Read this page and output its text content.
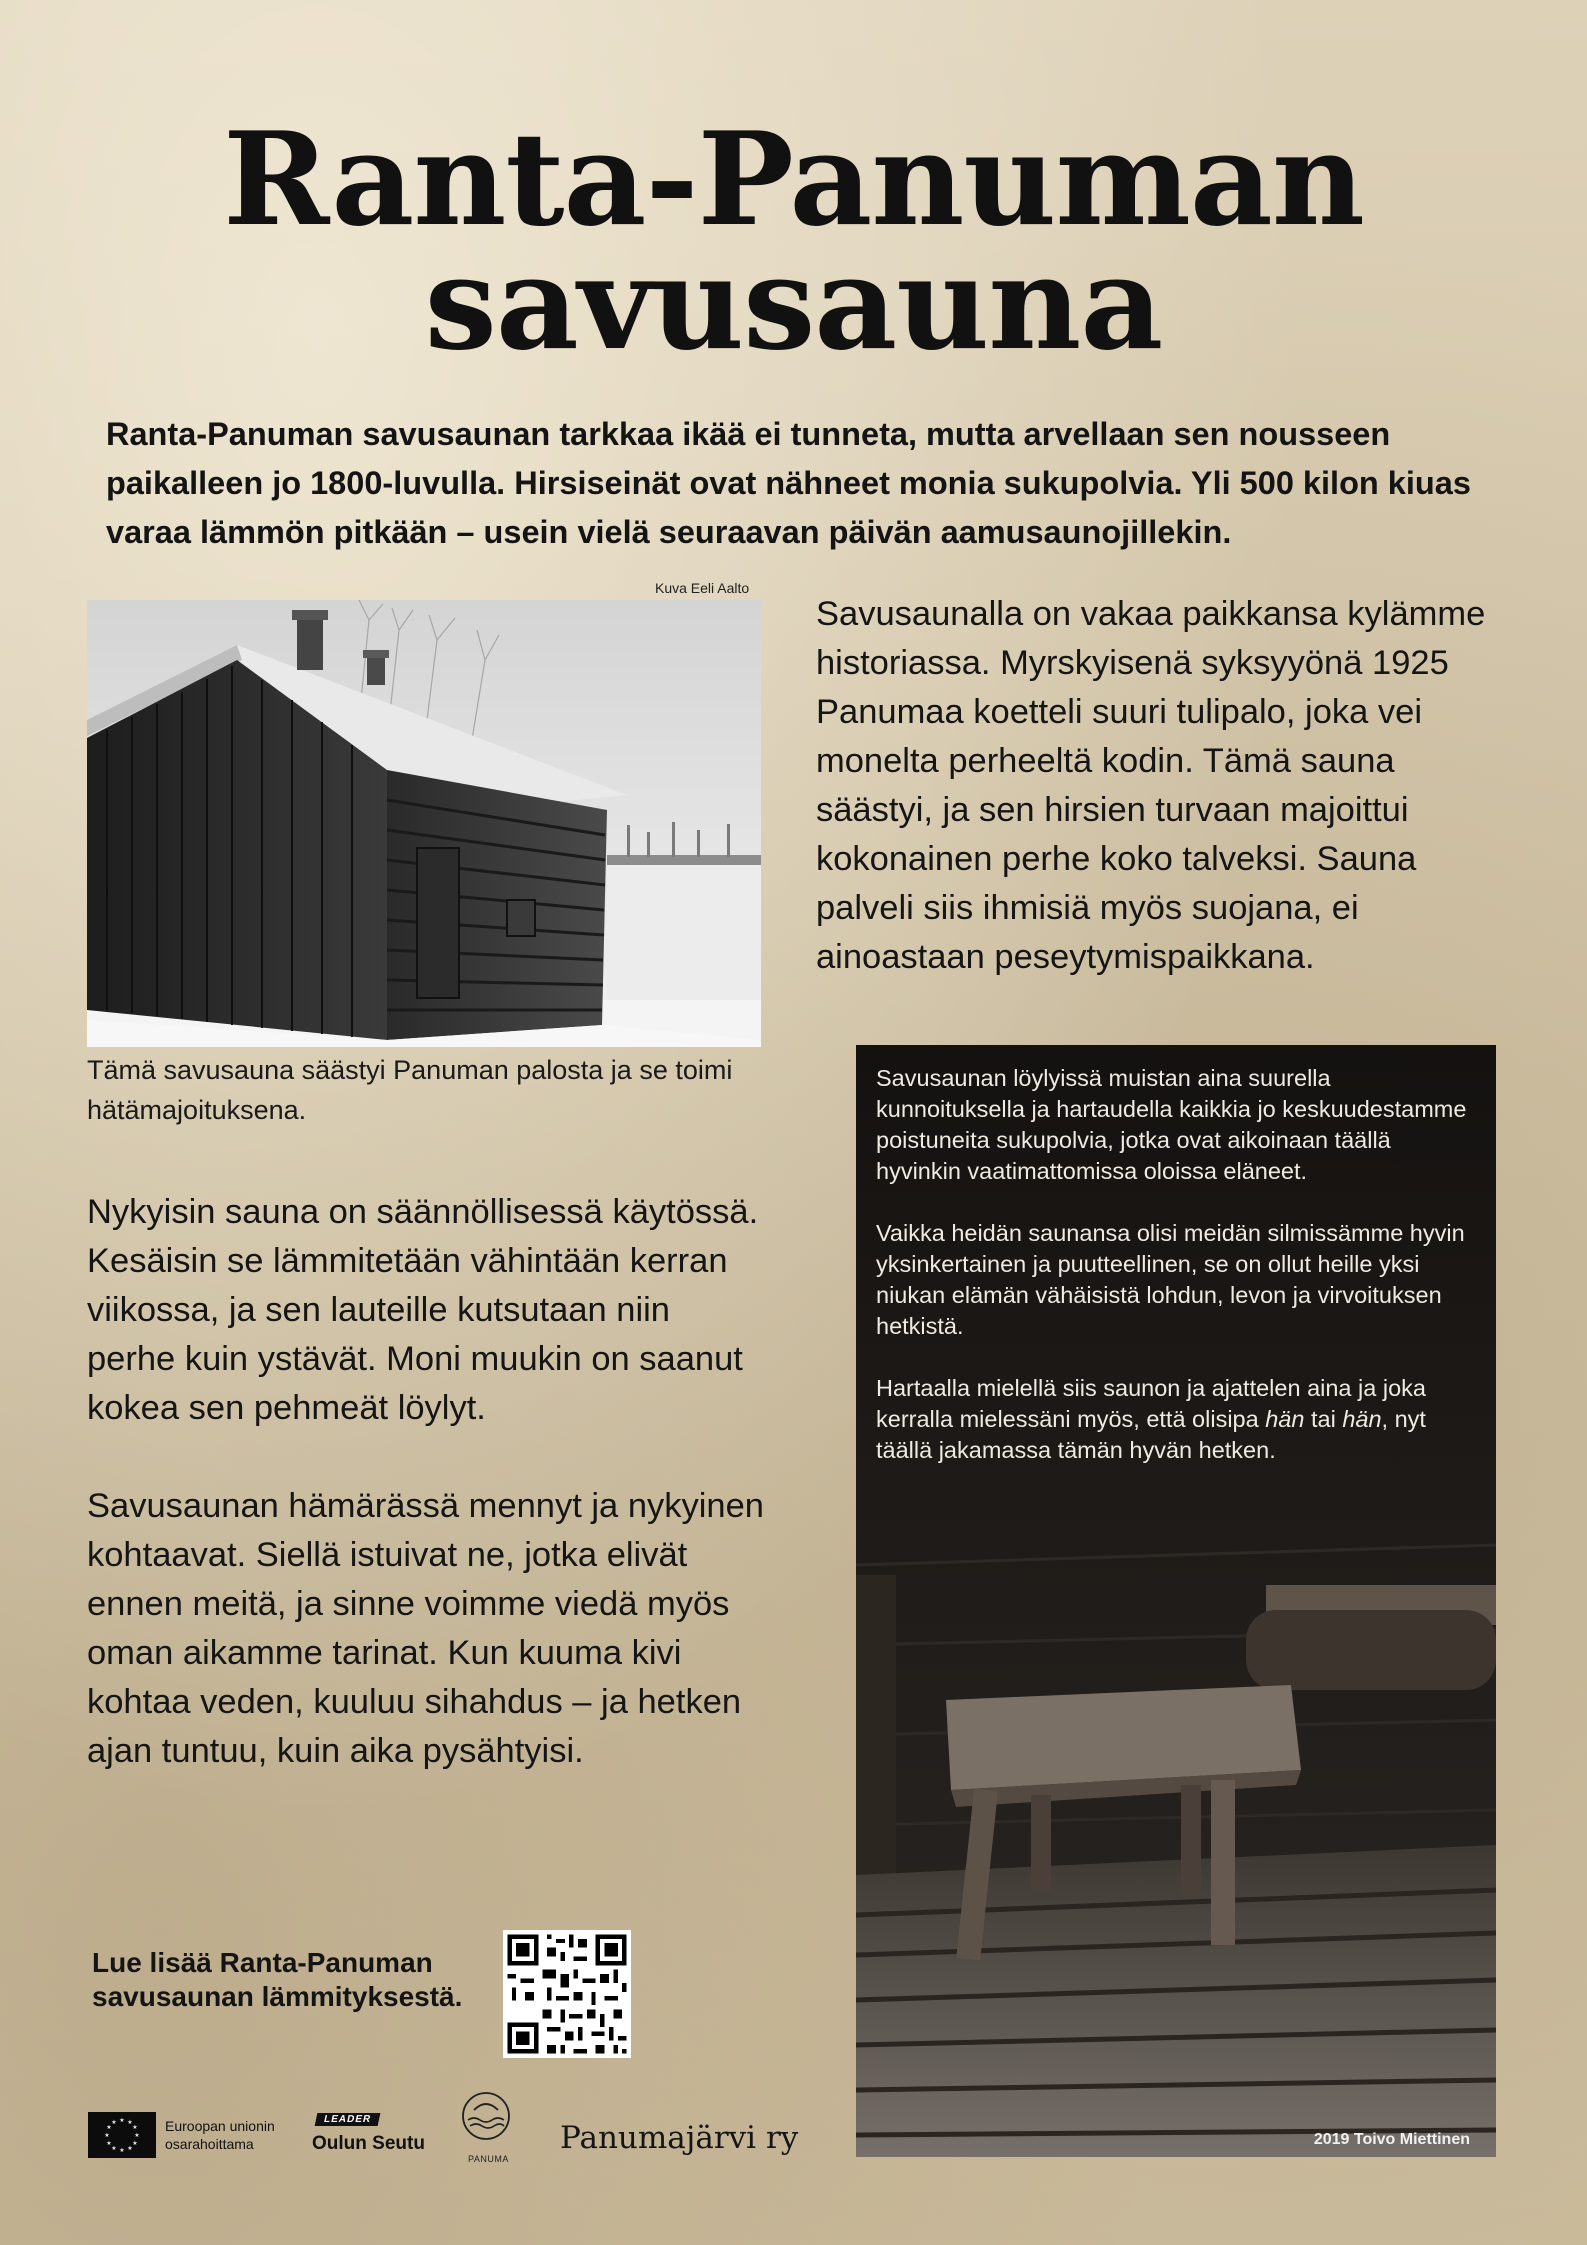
Ranta-Panuman
savusauna
Ranta-Panuman savusaunan tarkkaa ikää ei tunneta, mutta arvellaan sen nousseen paikalleen jo 1800-luvulla. Hirsiseinät ovat nähneet monia sukupolvia. Yli 500 kilon kiuas varaa lämmön pitkään – usein vielä seuraavan päivän aamusaunojillekin.
Kuva Eeli Aalto
Tämä savusauna säästyi Panuman palosta ja se toimi hätämajoituksena.
Savusaunalla on vakaa paikkansa kylämme historiassa. Myrskyisenä syksyyönä 1925 Panumaa koetteli suuri tulipalo, joka vei monelta perheeltä kodin. Tämä sauna säästyi, ja sen hirsien turvaan majoittui kokonainen perhe koko talveksi. Sauna palveli siis ihmisiä myös suojana, ei ainoastaan peseytymispaikkana.

Nykyisin sauna on säännöllisessä käytössä. Kesäisin se lämmitetään vähintään kerran viikossa, ja sen lauteille kutsutaan niin perhe kuin ystävät. Moni muukin on saanut kokea sen pehmeät löylyt.

Savusaunan hämärässä mennyt ja nykyinen kohtaavat. Siellä istuivat ne, jotka elivät ennen meitä, ja sinne voimme viedä myös oman aikamme tarinat. Kun kuuma kivi kohtaa veden, kuuluu sihahdus – ja hetken ajan tuntuu, kuin aika pysähtyisi.

Savusaunan löylyissä muistan aina suurella kunnoituksella ja hartaudella kaikkia jo keskuudestamme poistuneita sukupolvia, jotka ovat aikoinaan täällä hyvinkin vaatimattomissa oloissa eläneet.

Vaikka heidän saunansa olisi meidän silmissämme hyvin yksinkertainen ja puutteellinen, se on ollut heille yksi niukan elämän vähäisistä lohdun, levon ja virvoituksen hetkistä.

Hartaalla mielellä siis saunon ja ajattelen aina ja joka kerralla mielessäni myös, että olisipa hän tai hän, nyt täällä jakamassa tämän hyvän hetken.

2019 Toivo Miettinen
Lue lisää Ranta-Panuman savusaunan lämmityksestä.
★ ★
★
★
★
★
★
★
★
★
★
★	Euroopan unionin
osarahoittama
LEADER
Oulun Seutu
PANUMA
Panumajärvi ry
